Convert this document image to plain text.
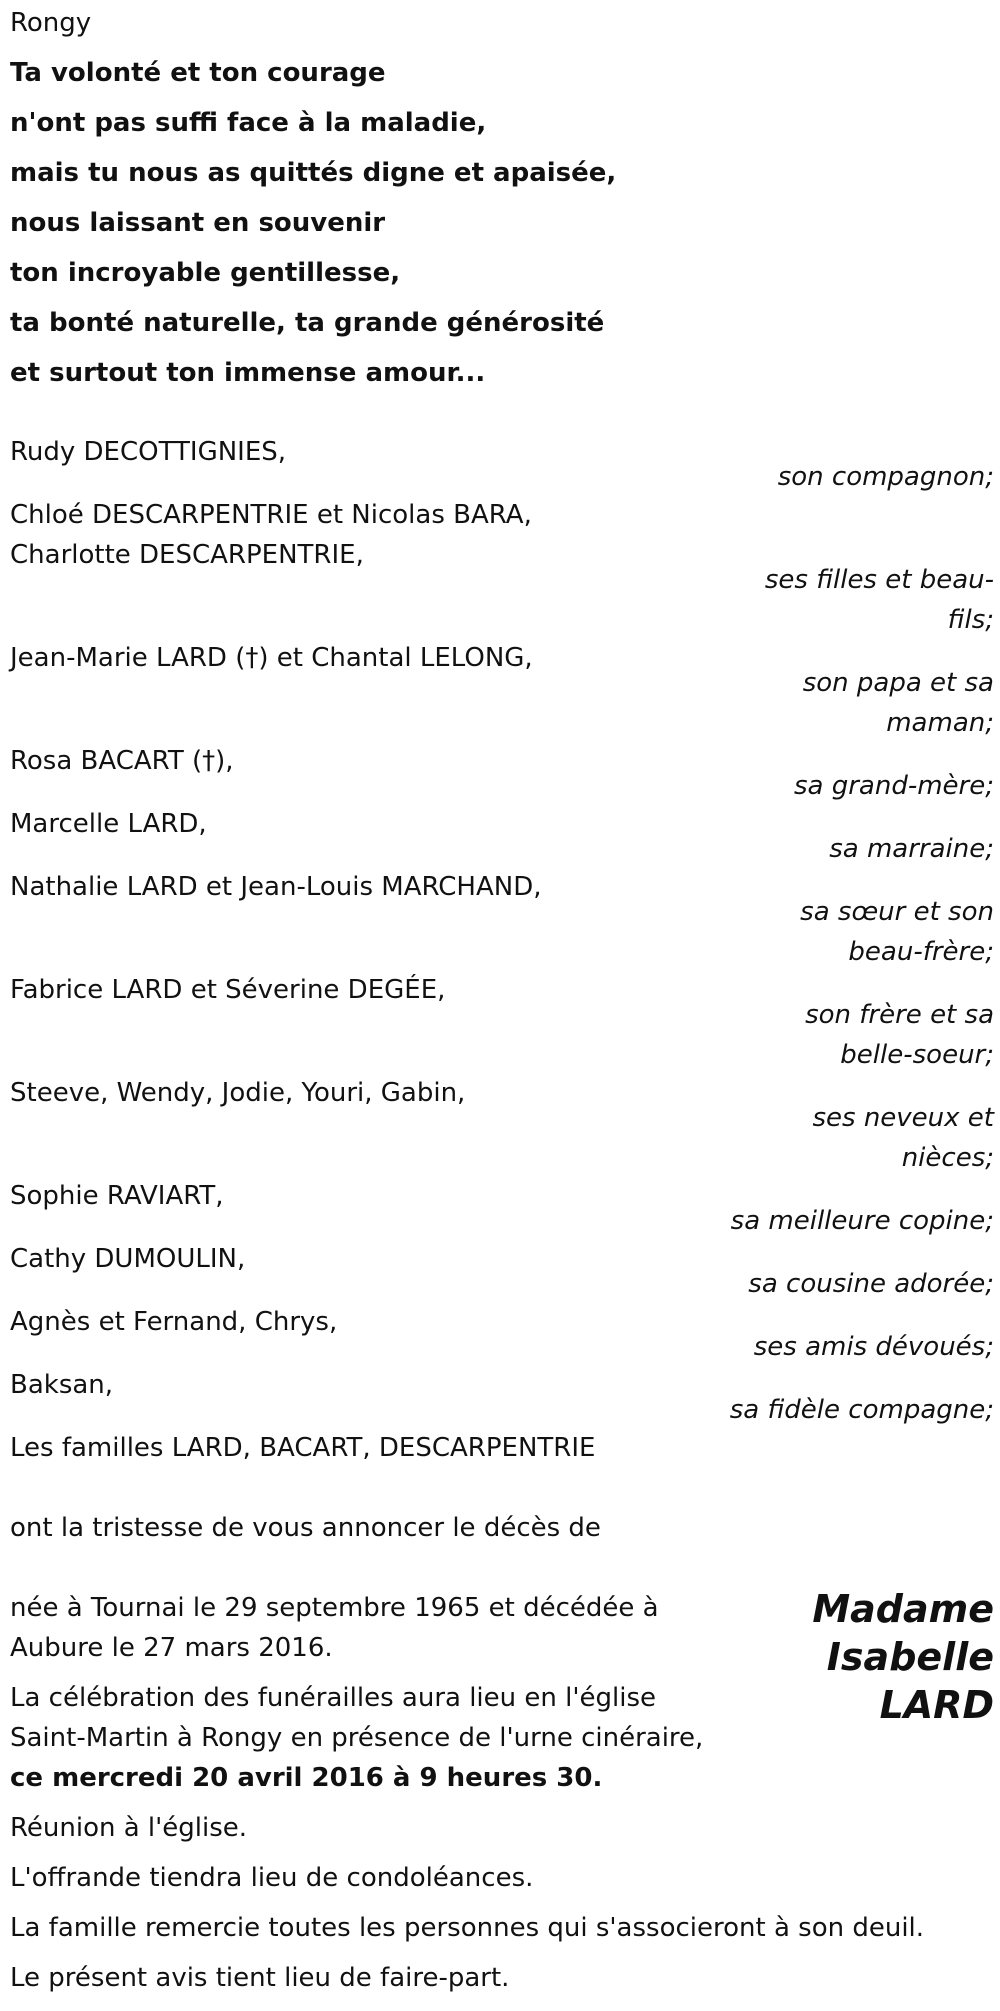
Rongy
Ta volonté et ton courage
n'ont pas suffi face à la maladie,
mais tu nous as quittés digne et apaisée,
nous laissant en souvenir
ton incroyable gentillesse,
ta bonté naturelle, ta grande générosité
et surtout ton immense amour...
Rudy DECOTTIGNIES,
son compagnon;
Chloé DESCARPENTRIE et Nicolas BARA,
Charlotte DESCARPENTRIE,
ses filles et beau-fils;
Jean-Marie LARD (†) et Chantal LELONG,
son papa et sa maman;
Rosa BACART (†),
sa grand-mère;
Marcelle LARD,
sa marraine;
Nathalie LARD et Jean-Louis MARCHAND,
sa sœur et son beau-frère;
Fabrice LARD et Séverine DEGÉE,
son frère et sa belle-soeur;
Steeve, Wendy, Jodie, Youri, Gabin,
ses neveux et nièces;
Sophie RAVIART,
sa meilleure copine;
Cathy DUMOULIN,
sa cousine adorée;
Agnès et Fernand, Chrys,
ses amis dévoués;
Baksan,
sa fidèle compagne;
Les familles LARD, BACART, DESCARPENTRIE
ont la tristesse de vous annoncer le décès de
Madame
Isabelle
LARD
née à Tournai le 29 septembre 1965 et décédée à
Aubure le 27 mars 2016.
La célébration des funérailles aura lieu en l'église
Saint-Martin à Rongy en présence de l'urne cinéraire,
ce mercredi 20 avril 2016 à 9 heures 30.
Réunion à l'église.
L'offrande tiendra lieu de condoléances.
La famille remercie toutes les personnes qui s'associeront à son deuil.
Le présent avis tient lieu de faire-part.
